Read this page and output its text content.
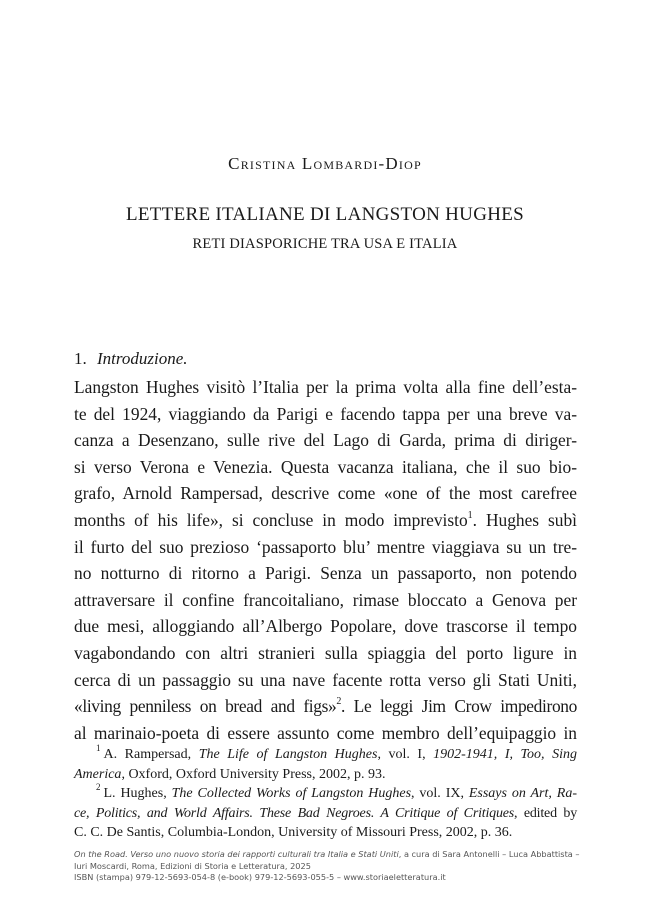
Cristina Lombardi-Diop
LETTERE ITALIANE DI LANGSTON HUGHES
RETI DIASPORICHE TRA USA E ITALIA
1. Introduzione.
Langston Hughes visitò l’Italia per la prima volta alla fine dell’esta-
te del 1924, viaggiando da Parigi e facendo tappa per una breve va-
canza a Desenzano, sulle rive del Lago di Garda, prima di diriger-
si verso Verona e Venezia. Questa vacanza italiana, che il suo bio-
grafo, Arnold Rampersad, descrive come «one of the most carefree
months of his life», si concluse in modo imprevisto$^1$. Hughes subì
il furto del suo prezioso ‘passaporto blu’ mentre viaggiava su un tre-
no notturno di ritorno a Parigi. Senza un passaporto, non potendo
attraversare il confine francoitaliano, rimase bloccato a Genova per
due mesi, alloggiando all’Albergo Popolare, dove trascorse il tempo
vagabondando con altri stranieri sulla spiaggia del porto ligure in
cerca di un passaggio su una nave facente rotta verso gli Stati Uniti,
«living penniless on bread and figs»$^2$. Le leggi Jim Crow impedirono
al marinaio-poeta di essere assunto come membro dell’equipaggio in
$^1$ A. Rampersad, The Life of Langston Hughes, vol. I, 1902-1941, I, Too, Sing
America, Oxford, Oxford University Press, 2002, p. 93.
$^2$ L. Hughes, The Collected Works of Langston Hughes, vol. IX, Essays on Art, Ra-
ce, Politics, and World Affairs. These Bad Negroes. A Critique of Critiques, edited by
C. C. De Santis, Columbia-London, University of Missouri Press, 2002, p. 36.
On the Road. Verso uno nuovo storia dei rapporti culturali tra Italia e Stati Uniti, a cura di Sara Antonelli – Luca Abbattista –
Iuri Moscardi, Roma, Edizioni di Storia e Letteratura, 2025
ISBN (stampa) 979-12-5693-054-8 (e-book) 979-12-5693-055-5 – www.storiaeletteratura.it
